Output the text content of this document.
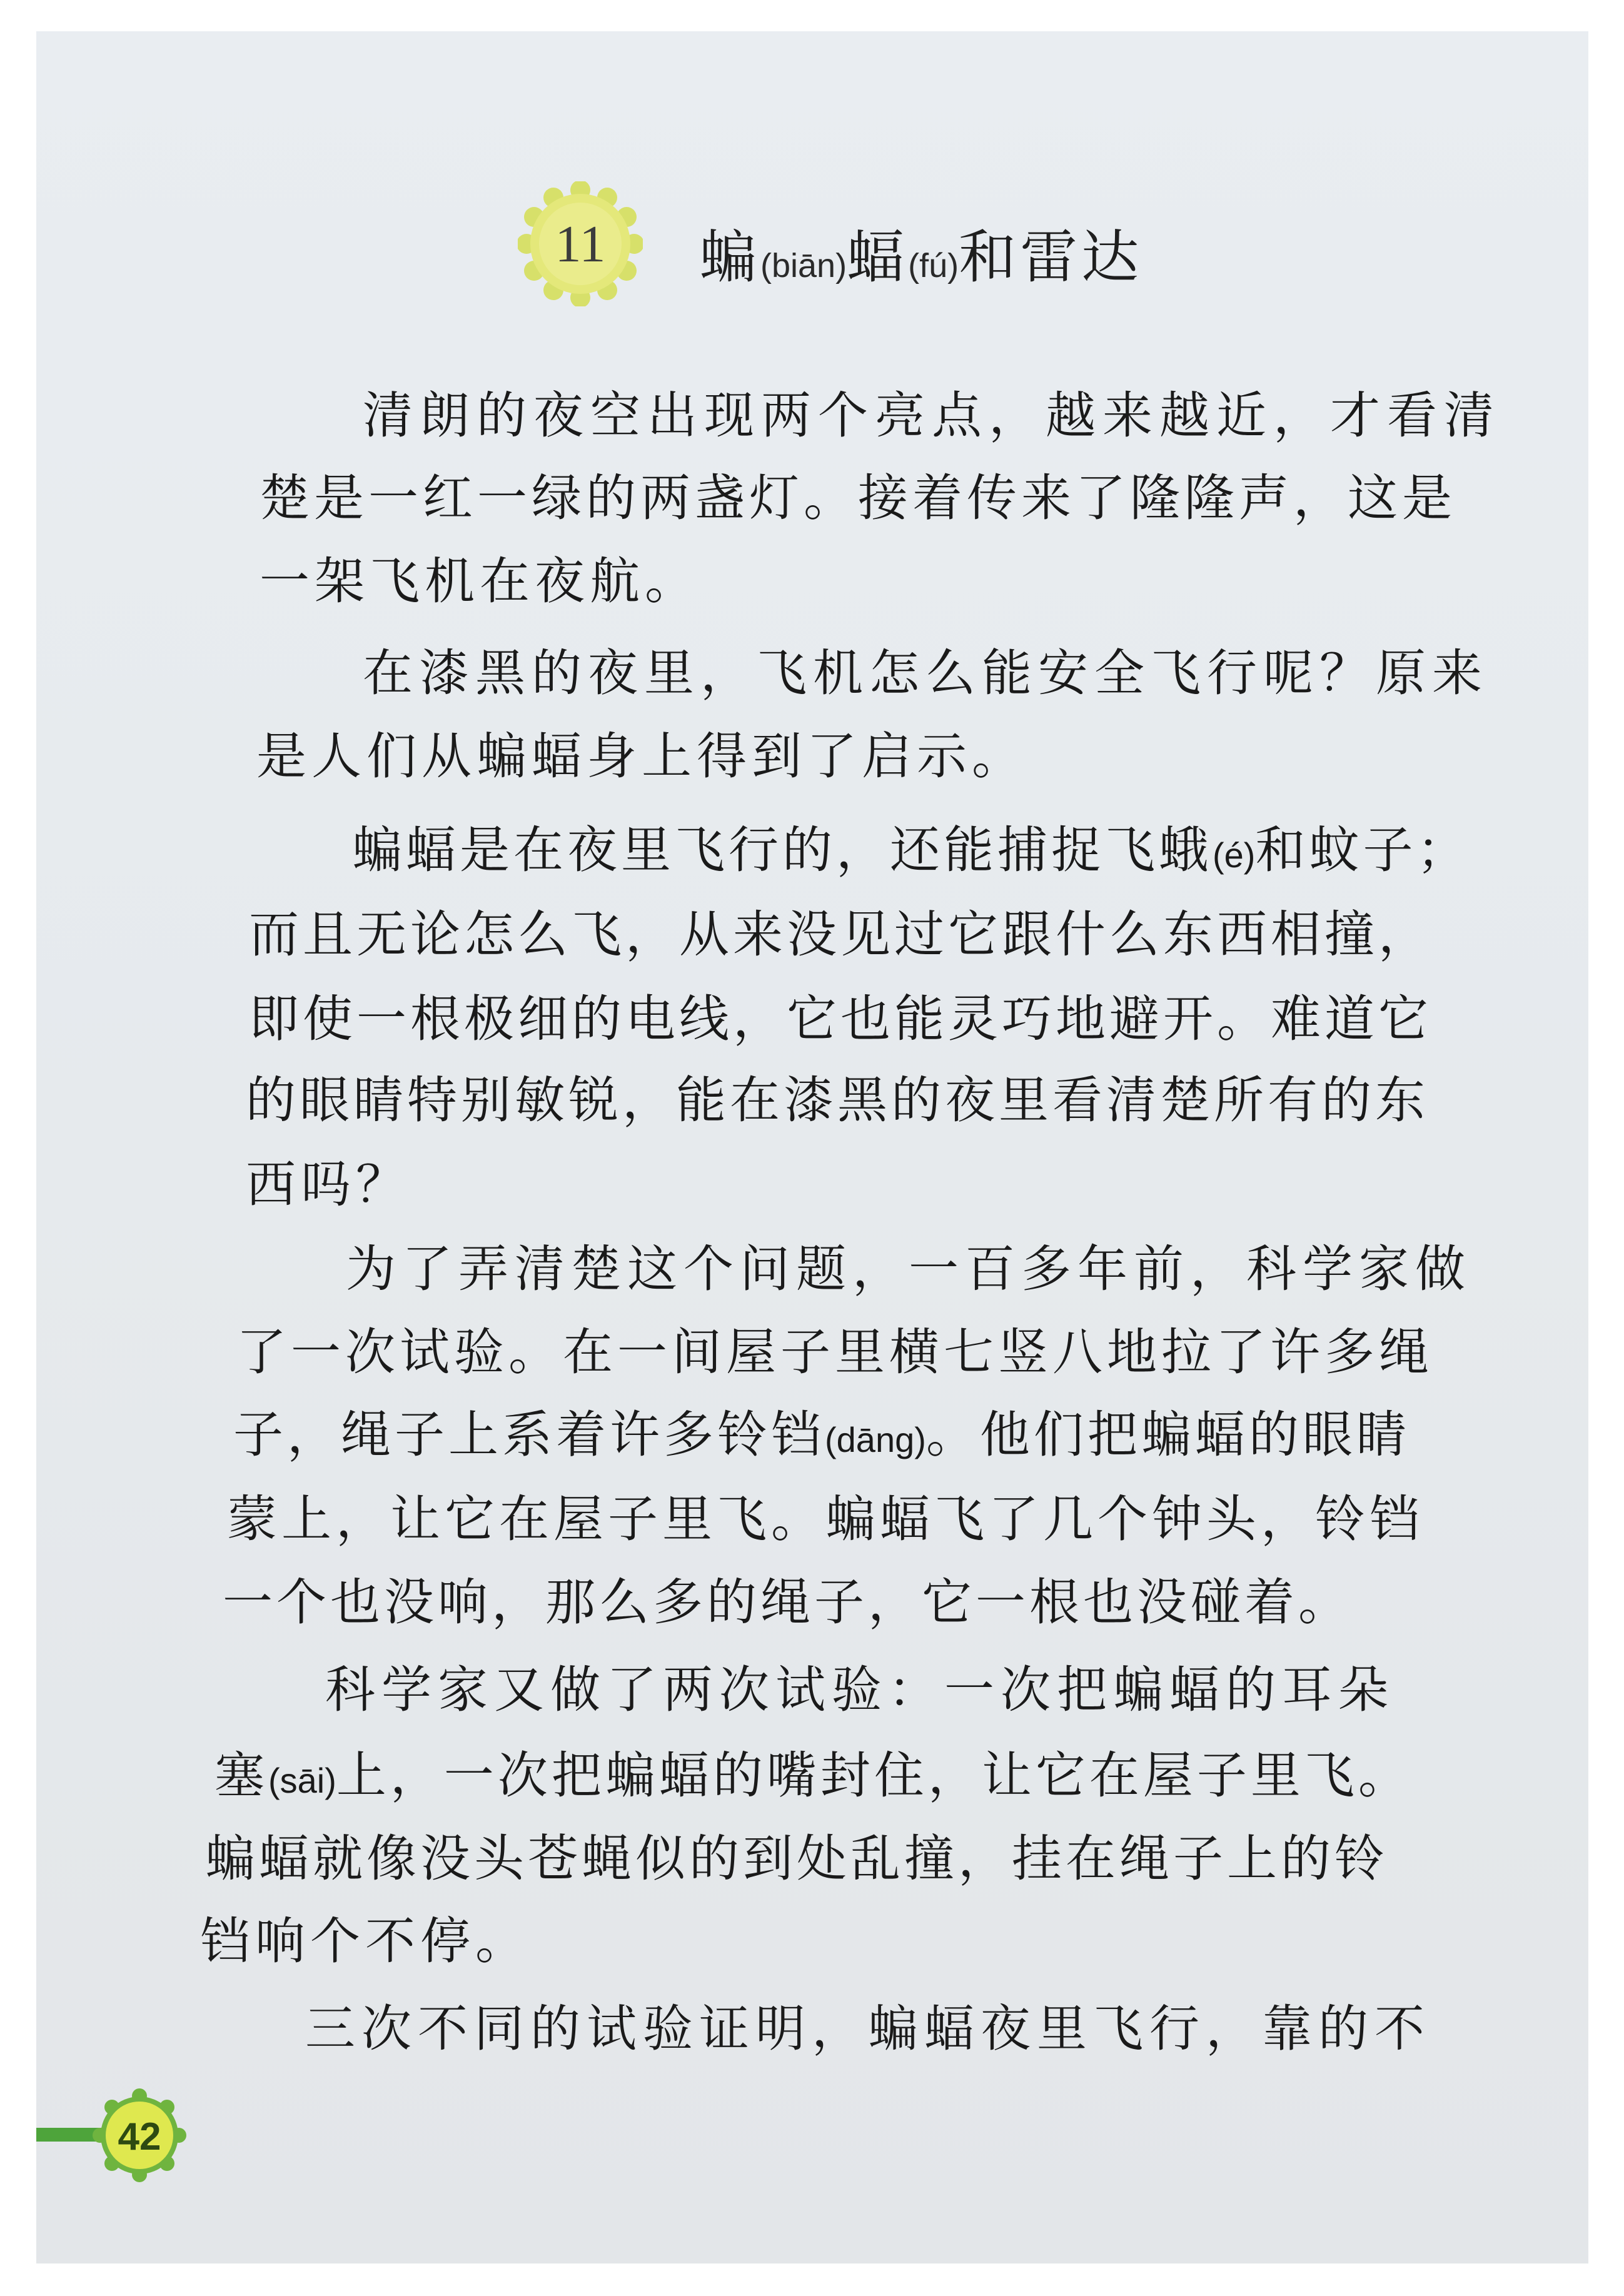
11	蝙(biān)蝠(fú)和雷达
清朗的夜空出现两个亮点，越来越近，才看清
楚是一红一绿的两盏灯。接着传来了隆隆声，这是
一架飞机在夜航。
在漆黑的夜里，飞机怎么能安全飞行呢？原来
是人们从蝙蝠身上得到了启示。
蝙蝠是在夜里飞行的，还能捕捉飞蛾(é)和蚊子；
而且无论怎么飞，从来没见过它跟什么东西相撞，
即使一根极细的电线，它也能灵巧地避开。难道它
的眼睛特别敏锐，能在漆黑的夜里看清楚所有的东
西吗？
为了弄清楚这个问题，一百多年前，科学家做
了一次试验。在一间屋子里横七竖八地拉了许多绳
子，绳子上系着许多铃铛(dāng)。他们把蝙蝠的眼睛
蒙上，让它在屋子里飞。蝙蝠飞了几个钟头，铃铛
一个也没响，那么多的绳子，它一根也没碰着。
科学家又做了两次试验：一次把蝙蝠的耳朵
塞(sāi)上，一次把蝙蝠的嘴封住，让它在屋子里飞。
蝙蝠就像没头苍蝇似的到处乱撞，挂在绳子上的铃
铛响个不停。
三次不同的试验证明，蝙蝠夜里飞行，靠的不
42
